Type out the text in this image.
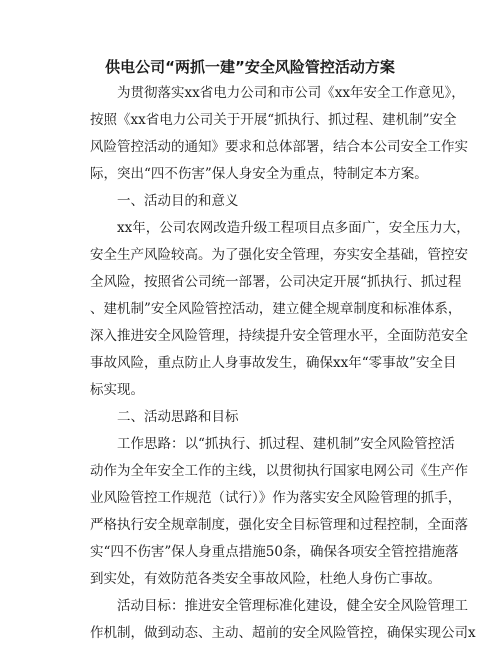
供电公司“两抓一建”安全风险管控活动方案
为贯彻落实xx省电力公司和市公司《xx年安全工作意见》，
按照《xx省电力公司关于开展“抓执行、抓过程、建机制”安全
风险管控活动的通知》要求和总体部署，结合本公司安全工作实
际，突出“四不伤害”保人身安全为重点，特制定本方案。
一、活动目的和意义
xx年，公司农网改造升级工程项目点多面广，安全压力大，
安全生产风险较高。为了强化安全管理，夯实安全基础，管控安
全风险，按照省公司统一部署，公司决定开展“抓执行、抓过程
、建机制”安全风险管控活动，建立健全规章制度和标准体系，
深入推进安全风险管理，持续提升安全管理水平，全面防范安全
事故风险，重点防止人身事故发生，确保xx年“零事故”安全目
标实现。
二、活动思路和目标
工作思路：以“抓执行、抓过程、建机制”安全风险管控活
动作为全年安全工作的主线，以贯彻执行国家电网公司《生产作
业风险管控工作规范（试行）》作为落实安全风险管理的抓手，
严格执行安全规章制度，强化安全目标管理和过程控制，全面落
实“四不伤害”保人身重点措施50条，确保各项安全管控措施落
到实处，有效防范各类安全事故风险，杜绝人身伤亡事故。
活动目标：推进安全管理标准化建设，健全安全风险管理工
作机制，做到动态、主动、超前的安全风险管控，确保实现公司x
